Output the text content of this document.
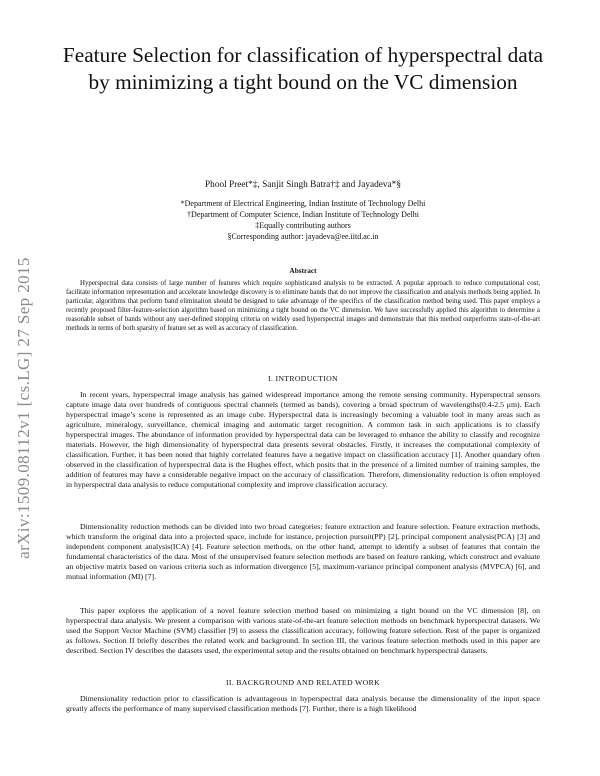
arXiv:1509.08112v1 [cs.LG] 27 Sep 2015
Feature Selection for classification of hyperspectral data by minimizing a tight bound on the VC dimension
Phool Preet*‡, Sanjit Singh Batra†‡ and Jayadeva*§
*Department of Electrical Engineering, Indian Institute of Technology Delhi
†Department of Computer Science, Indian Institute of Technology Delhi
‡Equally contributing authors
§Corresponding author: jayadeva@ee.iitd.ac.in
Abstract

Hyperspectral data consists of large number of features which require sophisticated analysis to be extracted. A popular approach to reduce computational cost, facilitate information representation and accelerate knowledge discovery is to eliminate bands that do not improve the classification and analysis methods being applied. In particular, algorithms that perform band elimination should be designed to take advantage of the specifics of the classification method being used. This paper employs a recently proposed filter-feature-selection algorithm based on minimizing a tight bound on the VC dimension. We have successfully applied this algorithm to determine a reasonable subset of bands without any user-defined stopping criteria on widely used hyperspectral images and demonstrate that this method outperforms state-of-the-art methods in terms of both sparsity of feature set as well as accuracy of classification.

I. INTRODUCTION

In recent years, hyperspectral image analysis has gained widespread importance among the remote sensing community. Hyperspectral sensors capture image data over hundreds of contiguous spectral channels (termed as bands), covering a broad spectrum of wavelengths(0.4-2.5 μm). Each hyperspectral image’s scene is represented as an image cube. Hyperspectral data is increasingly becoming a valuable tool in many areas such as agriculture, mineralogy, surveillance, chemical imaging and automatic target recognition. A common task in such applications is to classify hyperspectral images. The abundance of information provided by hyperspectral data can be leveraged to enhance the ability to classify and recognize materials. However, the high dimensionality of hyperspectral data presents several obstacles. Firstly, it increases the computational complexity of classification. Further, it has been noted that highly correlated features have a negative impact on classification accuracy [1]. Another quandary often observed in the classification of hyperspectral data is the Hughes effect, which posits that in the presence of a limited number of training samples, the addition of features may have a considerable negative impact on the accuracy of classification. Therefore, dimensionality reduction is often employed in hyperspectral data analysis to reduce computational complexity and improve classification accuracy.

Dimensionality reduction methods can be divided into two broad categories: feature extraction and feature selection. Feature extraction methods, which transform the original data into a projected space, include for instance, projection pursuit(PP) [2], principal component analysis(PCA) [3] and independent component analysis(ICA) [4]. Feature selection methods, on the other hand, attempt to identify a subset of features that contain the fundamental characteristics of the data. Most of the unsupervised feature selection methods are based on feature ranking, which construct and evaluate an objective matrix based on various criteria such as information divergence [5], maximum-variance principal component analysis (MVPCA) [6], and mutual information (MI) [7].

This paper explores the application of a novel feature selection method based on minimizing a tight bound on the VC dimension [8], on hyperspectral data analysis. We present a comparison with various state-of-the-art feature selection methods on benchmark hyperspectral datasets. We used the Support Vector Machine (SVM) classifier [9] to assess the classification accuracy, following feature selection. Rest of the paper is organized as follows. Section II briefly describes the related work and background. In section III, the various feature selection methods used in this paper are described. Section IV describes the datasets used, the experimental setup and the results obtained on benchmark hyperspectral datasets.

II. BACKGROUND AND RELATED WORK

Dimensionality reduction prior to classification is advantageous in hyperspectral data analysis because the dimensionality of the input space greatly affects the performance of many supervised classification methods [7]. Further, there is a high likelihood
